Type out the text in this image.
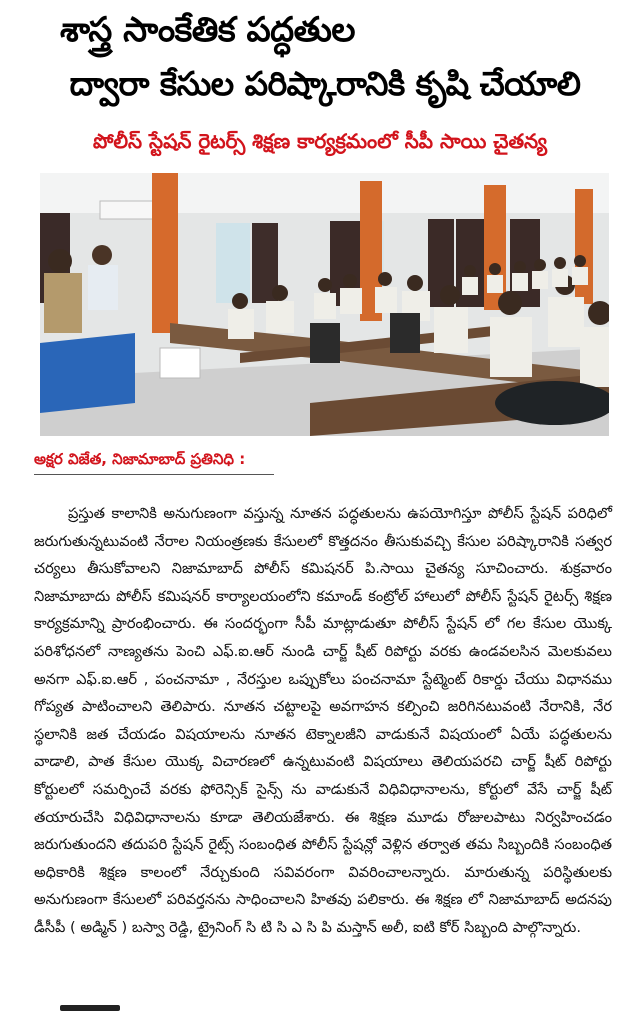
శాస్త్ర సాంకేతిక పద్ధతుల
ద్వారా కేసుల పరిష్కారానికి కృషి చేయాలి
పోలీస్ స్టేషన్ రైటర్స్ శిక్షణ కార్యక్రమంలో సీపీ సాయి చైతన్య
అక్షర విజేత, నిజామాబాద్ ప్రతినిధి :
ప్రస్తుత కాలానికి అనుగుణంగా వస్తున్న నూతన పద్ధతులను ఉపయోగిస్తూ పోలీస్ స్టేషన్ పరిధిలో జరుగుతున్నటువంటి నేరాల నియంత్రణకు కేసులలో కొత్తదనం తీసుకువచ్చి కేసుల పరిష్కారానికి సత్వర చర్యలు తీసుకోవాలని నిజామాబాద్ పోలీస్ కమిషనర్ పి.సాయి చైతన్య సూచించారు. శుక్రవారం నిజామాబాదు పోలీస్ కమిషనర్ కార్యాలయంలోని కమాండ్ కంట్రోల్ హాలులో పోలీస్ స్టేషన్ రైటర్స్ శిక్షణ కార్యక్రమాన్ని ప్రారంభించారు. ఈ సందర్భంగా సీపీ మాట్లాడుతూ పోలీస్ స్టేషన్ లో గల కేసుల యొక్క పరిశోధనలో నాణ్యతను పెంచి ఎఫ్.ఐ.ఆర్ నుండి చార్జ్ షీట్ రిపోర్టు వరకు ఉండవలసిన మెలకువలు అనగా ఎఫ్.ఐ.ఆర్ , పంచనామా , నేరస్తుల ఒప్పుకోలు పంచనామా స్టేట్మెంట్ రికార్డు చేయు విధానము గోప్యత పాటించాలని తెలిపారు. నూతన చట్టాలపై అవగాహన కల్పించి జరిగినటువంటి నేరానికి, నేర స్థలానికి జత చేయడం విషయాలను నూతన టెక్నాలజీని వాడుకునే విషయంలో ఏయే పద్ధతులను వాడాలి, పాత కేసుల యొక్క విచారణలో ఉన్నటువంటి విషయాలు తెలియపరచి చార్జ్ షీట్ రిపోర్టు కోర్టులలో సమర్పించే వరకు ఫోరెన్సిక్ సైన్స్ ను వాడుకునే విధివిధానాలను, కోర్టులో వేసే చార్జ్ షీట్ తయారుచేసి విధివిధానాలను కూడా తెలియజేశారు. ఈ శిక్షణ మూడు రోజులపాటు నిర్వహించడం జరుగుతుందని తదుపరి స్టేషన్ రైట్స్ సంబంధిత పోలీస్ స్టేషన్లో వెళ్లిన తర్వాత తమ సిబ్బందికి సంబంధిత అధికారికి శిక్షణ కాలంలో నేర్చుకుంది సవివరంగా వివరించాలన్నారు. మారుతున్న పరిస్థితులకు అనుగుణంగా కేసులలో పరివర్తనను సాధించాలని హితవు పలికారు. ఈ శిక్షణ లో నిజామాబాద్ అదనపు డీసీపీ ( అడ్మిన్ ) బస్వా రెడ్డి, ట్రైనింగ్ సి టి సి ఎ సి పి మస్తాన్ అలీ, ఐటి కోర్ సిబ్బంది పాల్గొన్నారు.
